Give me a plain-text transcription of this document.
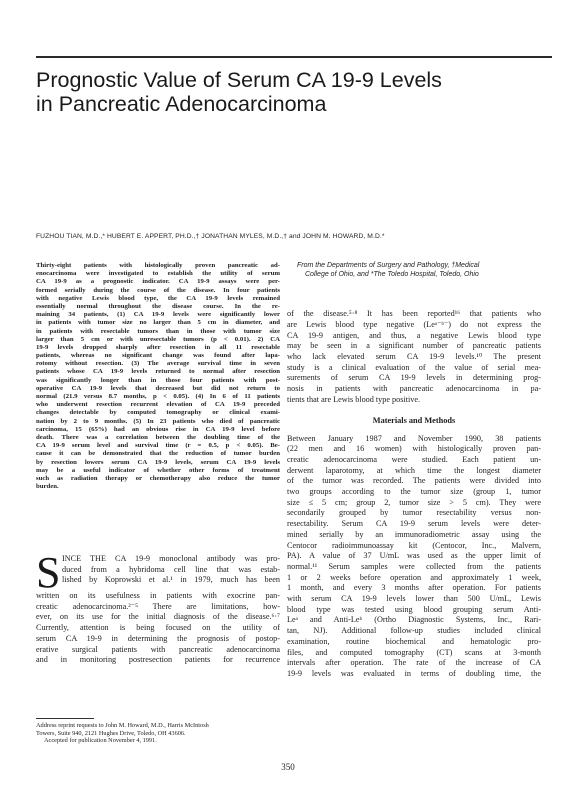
Prognostic Value of Serum CA 19-9 Levels
in Pancreatic Adenocarcinoma

FUZHOU TIAN, M.D.,* HUBERT E. APPERT, PH.D.,† JONATHAN MYLES, M.D.,† and JOHN M. HOWARD, M.D.*

Thirty-eight patients with histologically proven pancreatic ad-
enocarcinoma were investigated to establish the utility of serum
CA 19-9 as a prognostic indicator. CA 19-9 assays were per-
formed serially during the course of the disease. In four patients
with negative Lewis blood type, the CA 19-9 levels remained
essentially normal throughout the disease course. In the re-
maining 34 patients, (1) CA 19-9 levels were significantly lower
in patients with tumor size no larger than 5 cm in diameter, and
in patients with resectable tumors than in those with tumor size
larger than 5 cm or with unresectable tumors (p < 0.01). 2) CA
19-9 levels dropped sharply after resection in all 11 resectable
patients, whereas no significant change was found after lapa-
rotomy without resection. (3) The average survival time in seven
patients whose CA 19-9 levels returned to normal after resection
was significantly longer than in those four patients with post-
operative CA 19-9 levels that decreased but did not return to
normal (21.9 versus 8.7 months, p < 0.05). (4) In 6 of 11 patients
who underwent resection recurrent elevation of CA 19-9 preceded
changes detectable by computed tomography or clinical exami-
nation by 2 to 9 months. (5) In 23 patients who died of pancreatic
carcinoma, 15 (65%) had an obvious rise in CA 19-9 level before
death. There was a correlation between the doubling time of the
CA 19-9 serum level and survival time (r = 0.5, p < 0.05). Be-
cause it can be demonstrated that the reduction of tumor burden
by resection lowers serum CA 19-9 levels, serum CA 19-9 levels
may be a useful indicator of whether other forms of treatment
such as radiation therapy or chemotherapy also reduce the tumor
burden.

S INCE THE CA 19-9 monoclonal antibody was pro-
duced from a hybridoma cell line that was estab-
lished by Koprowski et al.¹ in 1979, much has been
written on its usefulness in patients with exocrine pan-
creatic adenocarcinoma.²⁻⁵ There are limitations, how-
ever, on its use for the initial diagnosis of the disease.⁶·⁷
Currently, attention is being focused on the utility of
serum CA 19-9 in determining the prognosis of postop-
erative surgical patients with pancreatic adenocarcinoma
and in monitoring postresection patients for recurrence

Address reprint requests to John M. Howard, M.D., Harris McIntosh
Towers, Suite 940, 2121 Hughes Drive, Toledo, OH 43606.
Accepted for publication November 4, 1991.

From the Departments of Surgery and Pathology, †Medical
College of Ohio, and *The Toledo Hospital, Toledo, Ohio

of the disease.⁵·⁸ It has been reported¹⁶ that patients who
are Lewis blood type negative (Leᵃ⁻ᵇ⁻) do not express the
CA 19-9 antigen, and thus, a negative Lewis blood type
may be seen in a significant number of pancreatic patients
who lack elevated serum CA 19-9 levels.¹⁰ The present
study is a clinical evaluation of the value of serial mea-
surements of serum CA 19-9 levels in determining prog-
nosis in patients with pancreatic adenocarcinoma in pa-
tients that are Lewis blood type positive.
Materials and Methods
Between January 1987 and November 1990, 38 patients
(22 men and 16 women) with histologically proven pan-
creatic adenocarcinoma were studied. Each patient un-
derwent laparotomy, at which time the longest diameter
of the tumor was recorded. The patients were divided into
two groups according to the tumor size (group 1, tumor
size ≤ 5 cm; group 2, tumor size > 5 cm). They were
secondarily grouped by tumor resectability versus non-
resectability. Serum CA 19-9 serum levels were deter-
mined serially by an immunoradiometric assay using the
Centocor radioimmunoassay kit (Centocor, Inc., Malvern,
PA). A value of 37 U/mL was used as the upper limit of
normal.¹¹ Serum samples were collected from the patients
1 or 2 weeks before operation and approximately 1 week,
1 month, and every 3 months after operation. For patients
with serum CA 19-9 levels lower than 500 U/mL, Lewis
blood type was tested using blood grouping serum Anti-
Leᵃ and Anti-Leᵇ (Ortho Diagnostic Systems, Inc., Rari-
tan, NJ). Additional follow-up studies included clinical
examination, routine biochemical and hematologic pro-
files, and computed tomography (CT) scans at 3-month
intervals after operation. The rate of the increase of CA
19-9 levels was evaluated in terms of doubling time, the

350
